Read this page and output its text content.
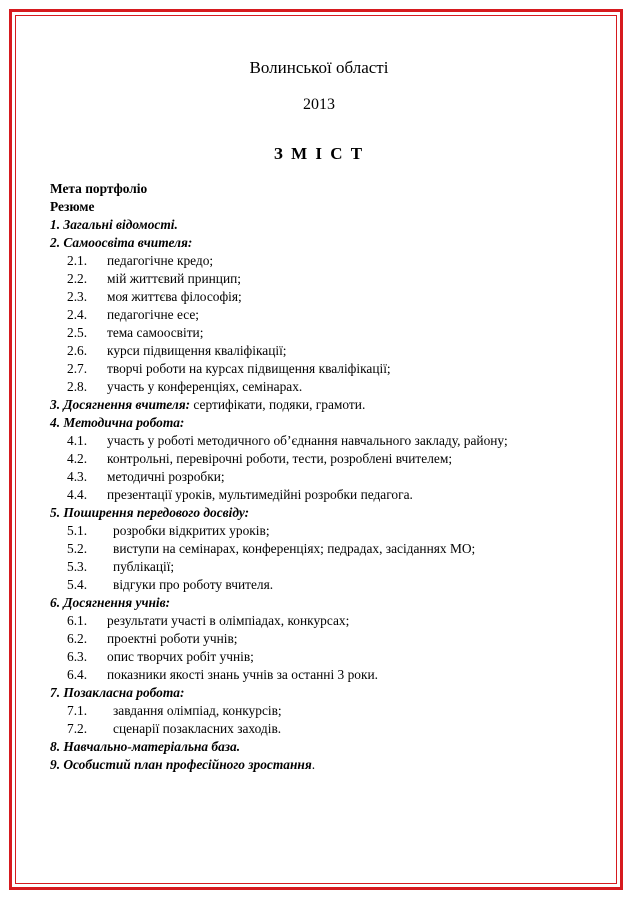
Волинської області
2013
З М І С Т
Мета портфоліо
Резюме
1. Загальні відомості.
2. Самоосвіта вчителя:
2.1. педагогічне кредо;
2.2. мій життєвий принцип;
2.3. моя життєва філософія;
2.4. педагогічне есе;
2.5. тема самоосвіти;
2.6. курси підвищення кваліфікації;
2.7. творчі роботи на курсах підвищення кваліфікації;
2.8. участь у конференціях, семінарах.
3. Досягнення вчителя: сертифікати, подяки, грамоти.
4. Методична робота:
4.1. участь у роботі методичного об’єднання навчального закладу, району;
4.2. контрольні, перевірочні роботи, тести, розроблені вчителем;
4.3. методичні розробки;
4.4. презентації уроків, мультимедійні розробки педагога.
5. Поширення передового досвіду:
5.1. розробки відкритих уроків;
5.2. виступи на семінарах, конференціях; педрадах, засіданнях МО;
5.3. публікації;
5.4. відгуки про роботу вчителя.
6. Досягнення учнів:
6.1. результати участі в олімпіадах, конкурсах;
6.2. проектні роботи учнів;
6.3. опис творчих робіт учнів;
6.4. показники якості знань учнів за останні 3 роки.
7. Позакласна робота:
7.1. завдання олімпіад, конкурсів;
7.2. сценарії позакласних заходів.
8. Навчально-матеріальна база.
9. Особистий план професійного зростання.
